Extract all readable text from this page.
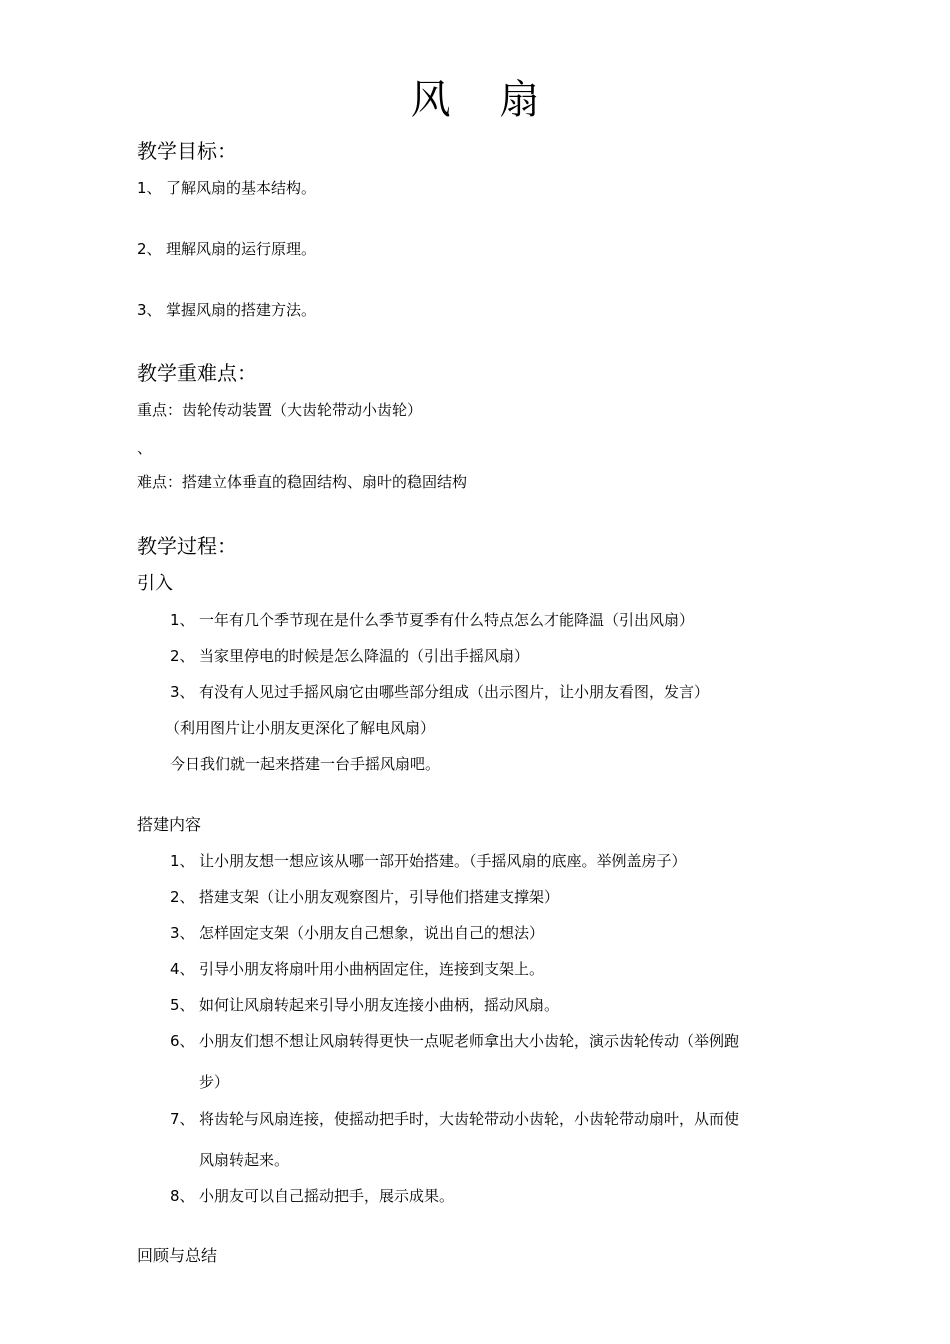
风 扇
教学目标：
1、 了解风扇的基本结构。
2、 理解风扇的运行原理。
3、 掌握风扇的搭建方法。
教学重难点：
重点：齿轮传动装置（大齿轮带动小齿轮）
、
难点：搭建立体垂直的稳固结构、扇叶的稳固结构
教学过程：
引入
1、 一年有几个季节现在是什么季节夏季有什么特点怎么才能降温（引出风扇）
2、 当家里停电的时候是怎么降温的（引出手摇风扇）
3、 有没有人见过手摇风扇它由哪些部分组成（出示图片，让小朋友看图，发言）
（利用图片让小朋友更深化了解电风扇）
今日我们就一起来搭建一台手摇风扇吧。
搭建内容
1、 让小朋友想一想应该从哪一部开始搭建。（手摇风扇的底座。举例盖房子）
2、 搭建支架（让小朋友观察图片，引导他们搭建支撑架）
3、 怎样固定支架（小朋友自己想象，说出自己的想法）
4、 引导小朋友将扇叶用小曲柄固定住，连接到支架上。
5、 如何让风扇转起来引导小朋友连接小曲柄，摇动风扇。
6、 小朋友们想不想让风扇转得更快一点呢老师拿出大小齿轮，演示齿轮传动（举例跑
步）
7、 将齿轮与风扇连接，使摇动把手时，大齿轮带动小齿轮，小齿轮带动扇叶，从而使
风扇转起来。
8、 小朋友可以自己摇动把手，展示成果。
回顾与总结
